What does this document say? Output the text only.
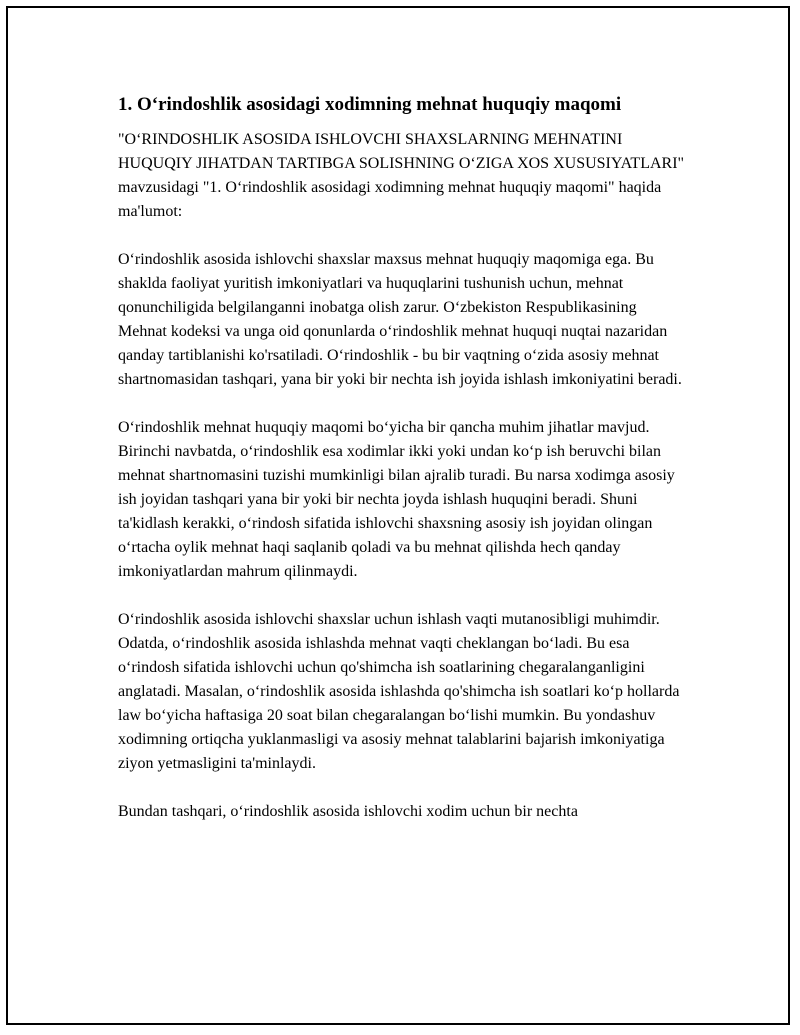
1. O‘rindoshlik asosidagi xodimning mehnat huquqiy maqomi

"O‘RINDOSHLIK ASOSIDA ISHLOVCHI SHAXSLARNING MEHNATINI HUQUQIY JIHATDAN TARTIBGA SOLISHNING O‘ZIGA XOS XUSUSIYATLARI" mavzusidagi "1. O‘rindoshlik asosidagi xodimning mehnat huquqiy maqomi" haqida ma'lumot:

O‘rindoshlik asosida ishlovchi shaxslar maxsus mehnat huquqiy maqomiga ega. Bu shaklda faoliyat yuritish imkoniyatlari va huquqlarini tushunish uchun, mehnat qonunchiligida belgilanganni inobatga olish zarur. O‘zbekiston Respublikasining Mehnat kodeksi va unga oid qonunlarda o‘rindoshlik mehnat huquqi nuqtai nazaridan qanday tartiblanishi ko'rsatiladi. O‘rindoshlik - bu bir vaqtning o‘zida asosiy mehnat shartnomasidan tashqari, yana bir yoki bir nechta ish joyida ishlash imkoniyatini beradi.

O‘rindoshlik mehnat huquqiy maqomi bo‘yicha bir qancha muhim jihatlar mavjud. Birinchi navbatda, o‘rindoshlik esa xodimlar ikki yoki undan ko‘p ish beruvchi bilan mehnat shartnomasini tuzishi mumkinligi bilan ajralib turadi. Bu narsa xodimga asosiy ish joyidan tashqari yana bir yoki bir nechta joyda ishlash huquqini beradi. Shuni ta'kidlash kerakki, o‘rindosh sifatida ishlovchi shaxsning asosiy ish joyidan olingan o‘rtacha oylik mehnat haqi saqlanib qoladi va bu mehnat qilishda hech qanday imkoniyatlardan mahrum qilinmaydi.

O‘rindoshlik asosida ishlovchi shaxslar uchun ishlash vaqti mutanosibligi muhimdir. Odatda, o‘rindoshlik asosida ishlashda mehnat vaqti cheklangan bo‘ladi. Bu esa o‘rindosh sifatida ishlovchi uchun qo'shimcha ish soatlarining chegaralanganligini anglatadi. Masalan, o‘rindoshlik asosida ishlashda qo'shimcha ish soatlari ko‘p hollarda law bo‘yicha haftasiga 20 soat bilan chegaralangan bo‘lishi mumkin. Bu yondashuv xodimning ortiqcha yuklanmasligi va asosiy mehnat talablarini bajarish imkoniyatiga ziyon yetmasligini ta'minlaydi.

Bundan tashqari, o‘rindoshlik asosida ishlovchi xodim uchun bir nechta
